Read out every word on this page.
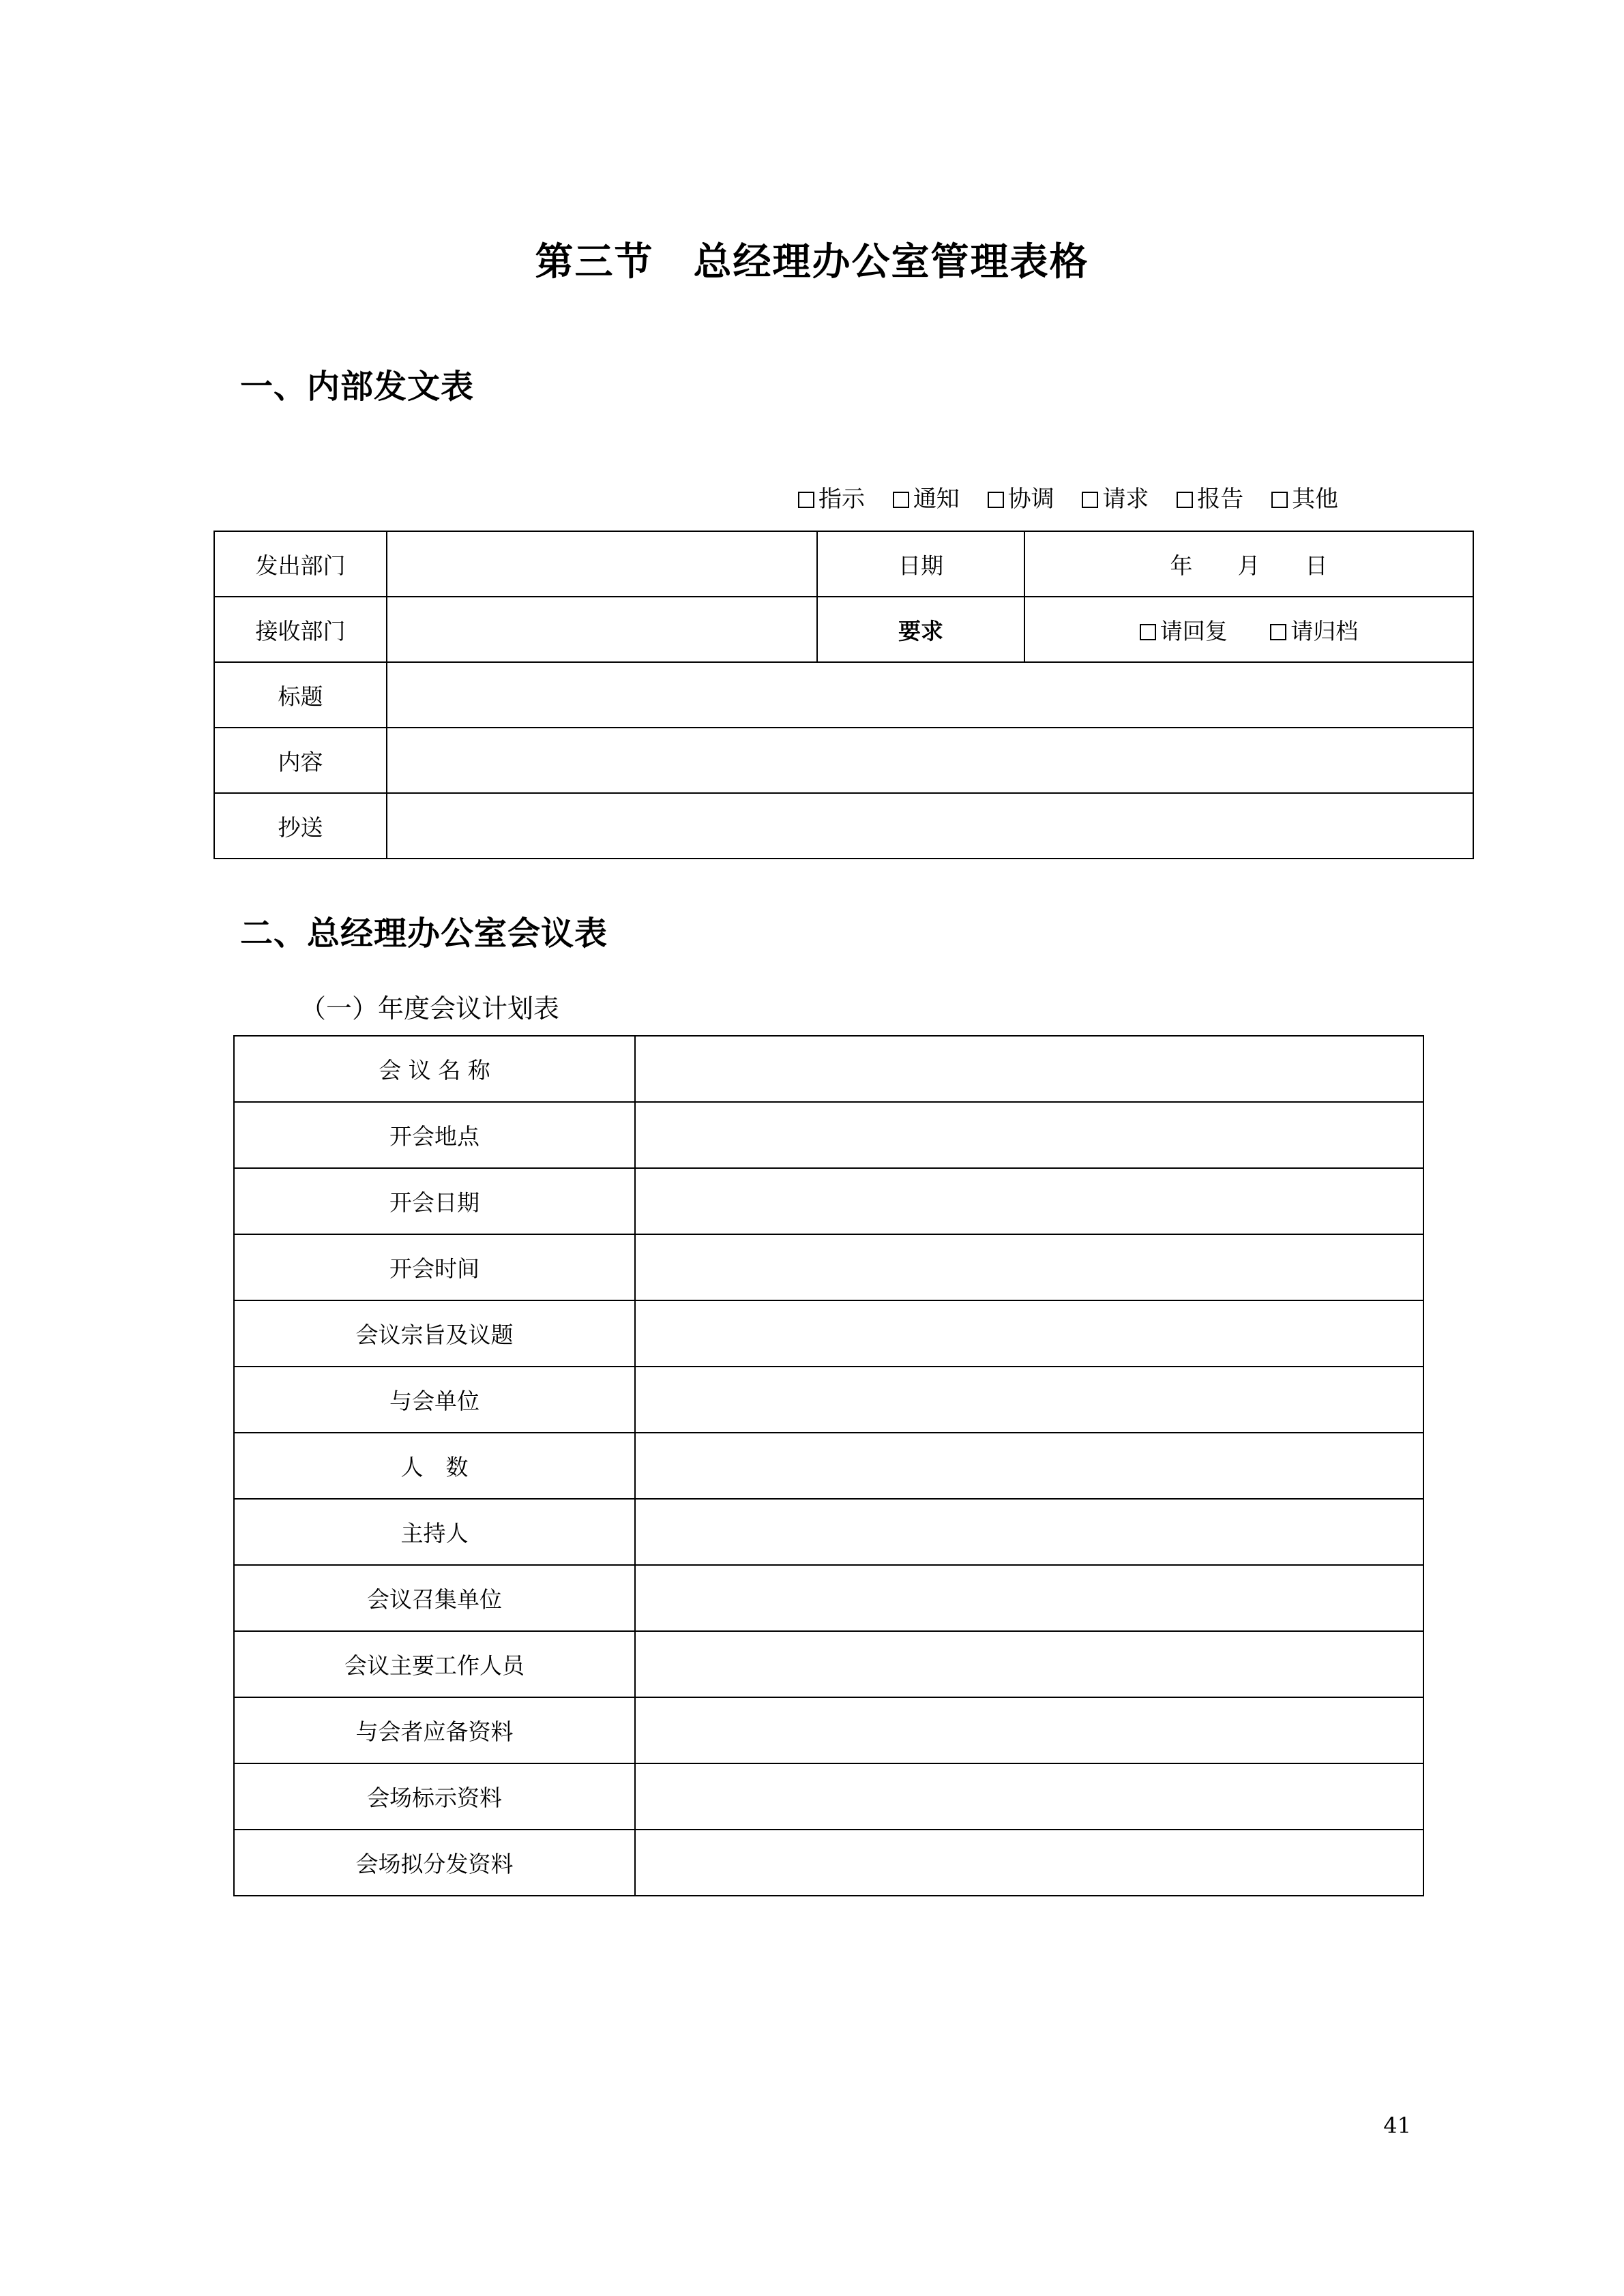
第三节　总经理办公室管理表格
一、内部发文表
指示 通知 协调 请求 报告 其他
发出部门		日期	年　　月　　日
接收部门		要求	请回复 请归档
标题			
内容			
抄送			
二、总经理办公室会议表
（一）年度会议计划表
会 议 名 称	
开会地点	
开会日期	
开会时间	
会议宗旨及议题	
与会单位	
人　数	
主持人	
会议召集单位	
会议主要工作人员	
与会者应备资料	
会场标示资料	
会场拟分发资料	
41
